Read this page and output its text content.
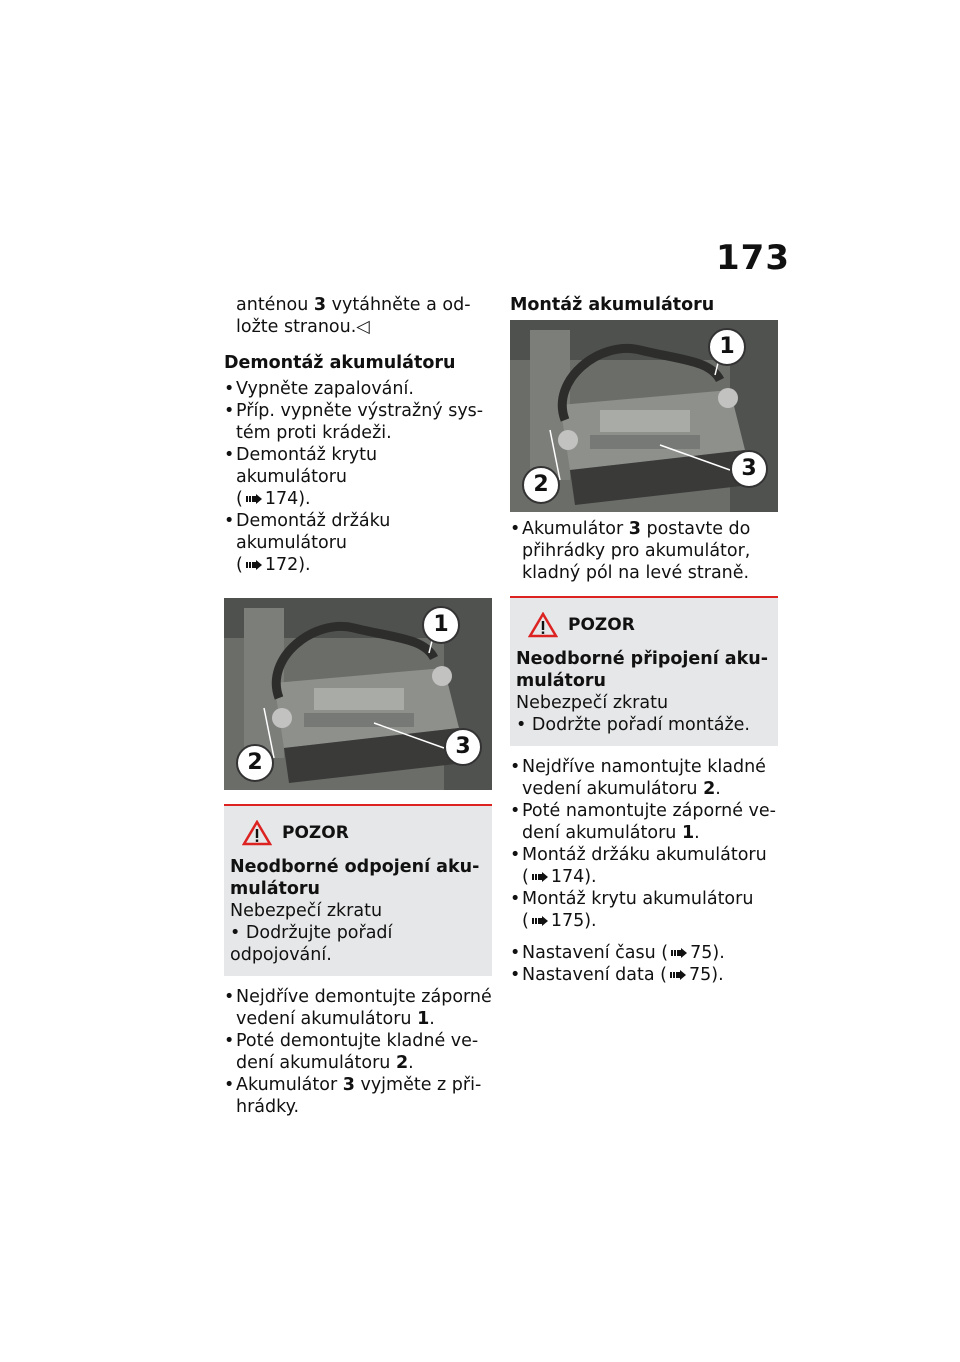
173
anténou 3 vytáhněte a od-
ložte stranou.◁
Demontáž akumulátoru
• Vypněte zapalování.
• Příp. vypněte výstražný sys-tém proti krádeži.
• Demontáž krytu akumulátoru
( 174).
• Demontáž držáku akumulátoru
( 172).
1
2
3
POZOR
Neodborné odpojení aku-mulátoru
Nebezpečí zkratu
• Dodržujte pořadí odpojování.
• Nejdříve demontujte záporné vedení akumulátoru 1.
• Poté demontujte kladné ve-dení akumulátoru 2.
• Akumulátor 3 vyjměte z při-hrádky.
Montáž akumulátoru
1
2
3
• Akumulátor 3 postavte do přihrádky pro akumulátor, kladný pól na levé straně.
POZOR
Neodborné připojení aku-mulátoru
Nebezpečí zkratu
• Dodržte pořadí montáže.
• Nejdříve namontujte kladné vedení akumulátoru 2.
• Poté namontujte záporné ve-dení akumulátoru 1.
• Montáž držáku akumulátoru
( 174).
• Montáž krytu akumulátoru
( 175).
• Nastavení času ( 75).
• Nastavení data ( 75).
